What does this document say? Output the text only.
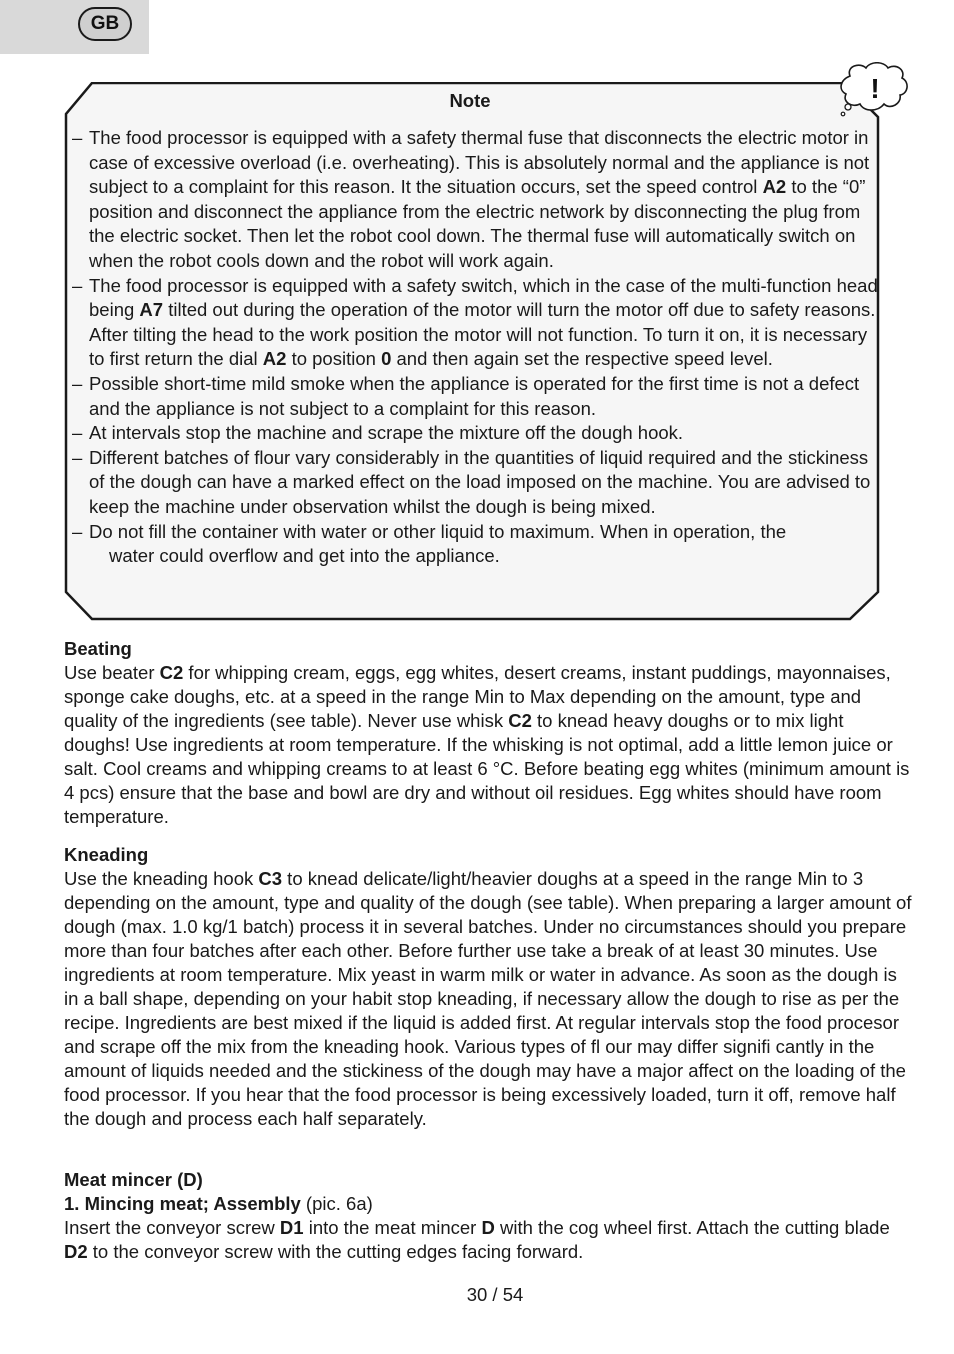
GB
!
Note
– The food processor is equipped with a safety thermal fuse that disconnects the electric motor in case of excessive overload (i.e. overheating). This is absolutely normal and the appliance is not subject to a complaint for this reason. It the situation occurs, set the speed control A2 to the “0” position and disconnect the appliance from the electric network by disconnecting the plug from the electric socket. Then let the robot cool down. The thermal fuse will automatically switch on when the robot cools down and the robot will work again.
– The food processor is equipped with a safety switch, which in the case of the multi-function head being A7 tilted out during the operation of the motor will turn the motor off due to safety reasons. After tilting the head to the work position the motor will not function. To turn it on, it is necessary to first return the dial A2 to position 0 and then again set the respective speed level.
– Possible short-time mild smoke when the appliance is operated for the first time is not a defect and the appliance is not subject to a complaint for this reason.
– At intervals stop the machine and scrape the mixture off the dough hook.
– Different batches of flour vary considerably in the quantities of liquid required and the stickiness of the dough can have a marked effect on the load imposed on the machine. You are advised to keep the machine under observation whilst the dough is being mixed.
– Do not fill the container with water or other liquid to maximum. When in operation, the
water could overflow and get into the appliance.
Beating
Use beater C2 for whipping cream, eggs, egg whites, desert creams, instant puddings, mayonnaises, sponge cake doughs, etc. at a speed in the range Min to Max depending on the amount, type and quality of the ingredients (see table). Never use whisk C2 to knead heavy doughs or to mix light doughs! Use ingredients at room temperature. If the whisking is not optimal, add a little lemon juice or salt. Cool creams and whipping creams to at least 6 °C. Before beating egg whites (minimum amount is 4 pcs) ensure that the base and bowl are dry and without oil residues. Egg whites should have room temperature.
Kneading
Use the kneading hook C3 to knead delicate/light/heavier doughs at a speed in the range Min to 3 depending on the amount, type and quality of the dough (see table). When preparing a larger amount of dough (max. 1.0 kg/1 batch) process it in several batches. Under no circumstances should you prepare more than four batches after each other. Before further use take a break of at least 30 minutes. Use ingredients at room temperature. Mix yeast in warm milk or water in advance. As soon as the dough is in a ball shape, depending on your habit stop kneading, if necessary allow the dough to rise as per the recipe. Ingredients are best mixed if the liquid is added first. At regular intervals stop the food procesor and scrape off the mix from the kneading hook. Various types of fl our may differ signifi cantly in the amount of liquids needed and the stickiness of the dough may have a major affect on the loading of the food processor. If you hear that the food processor is being excessively loaded, turn it off, remove half the dough and process each half separately.
Meat mincer (D)
1. Mincing meat; Assembly (pic. 6a)
Insert the conveyor screw D1 into the meat mincer D with the cog wheel first. Attach the cutting blade D2 to the conveyor screw with the cutting edges facing forward.
30 / 54
